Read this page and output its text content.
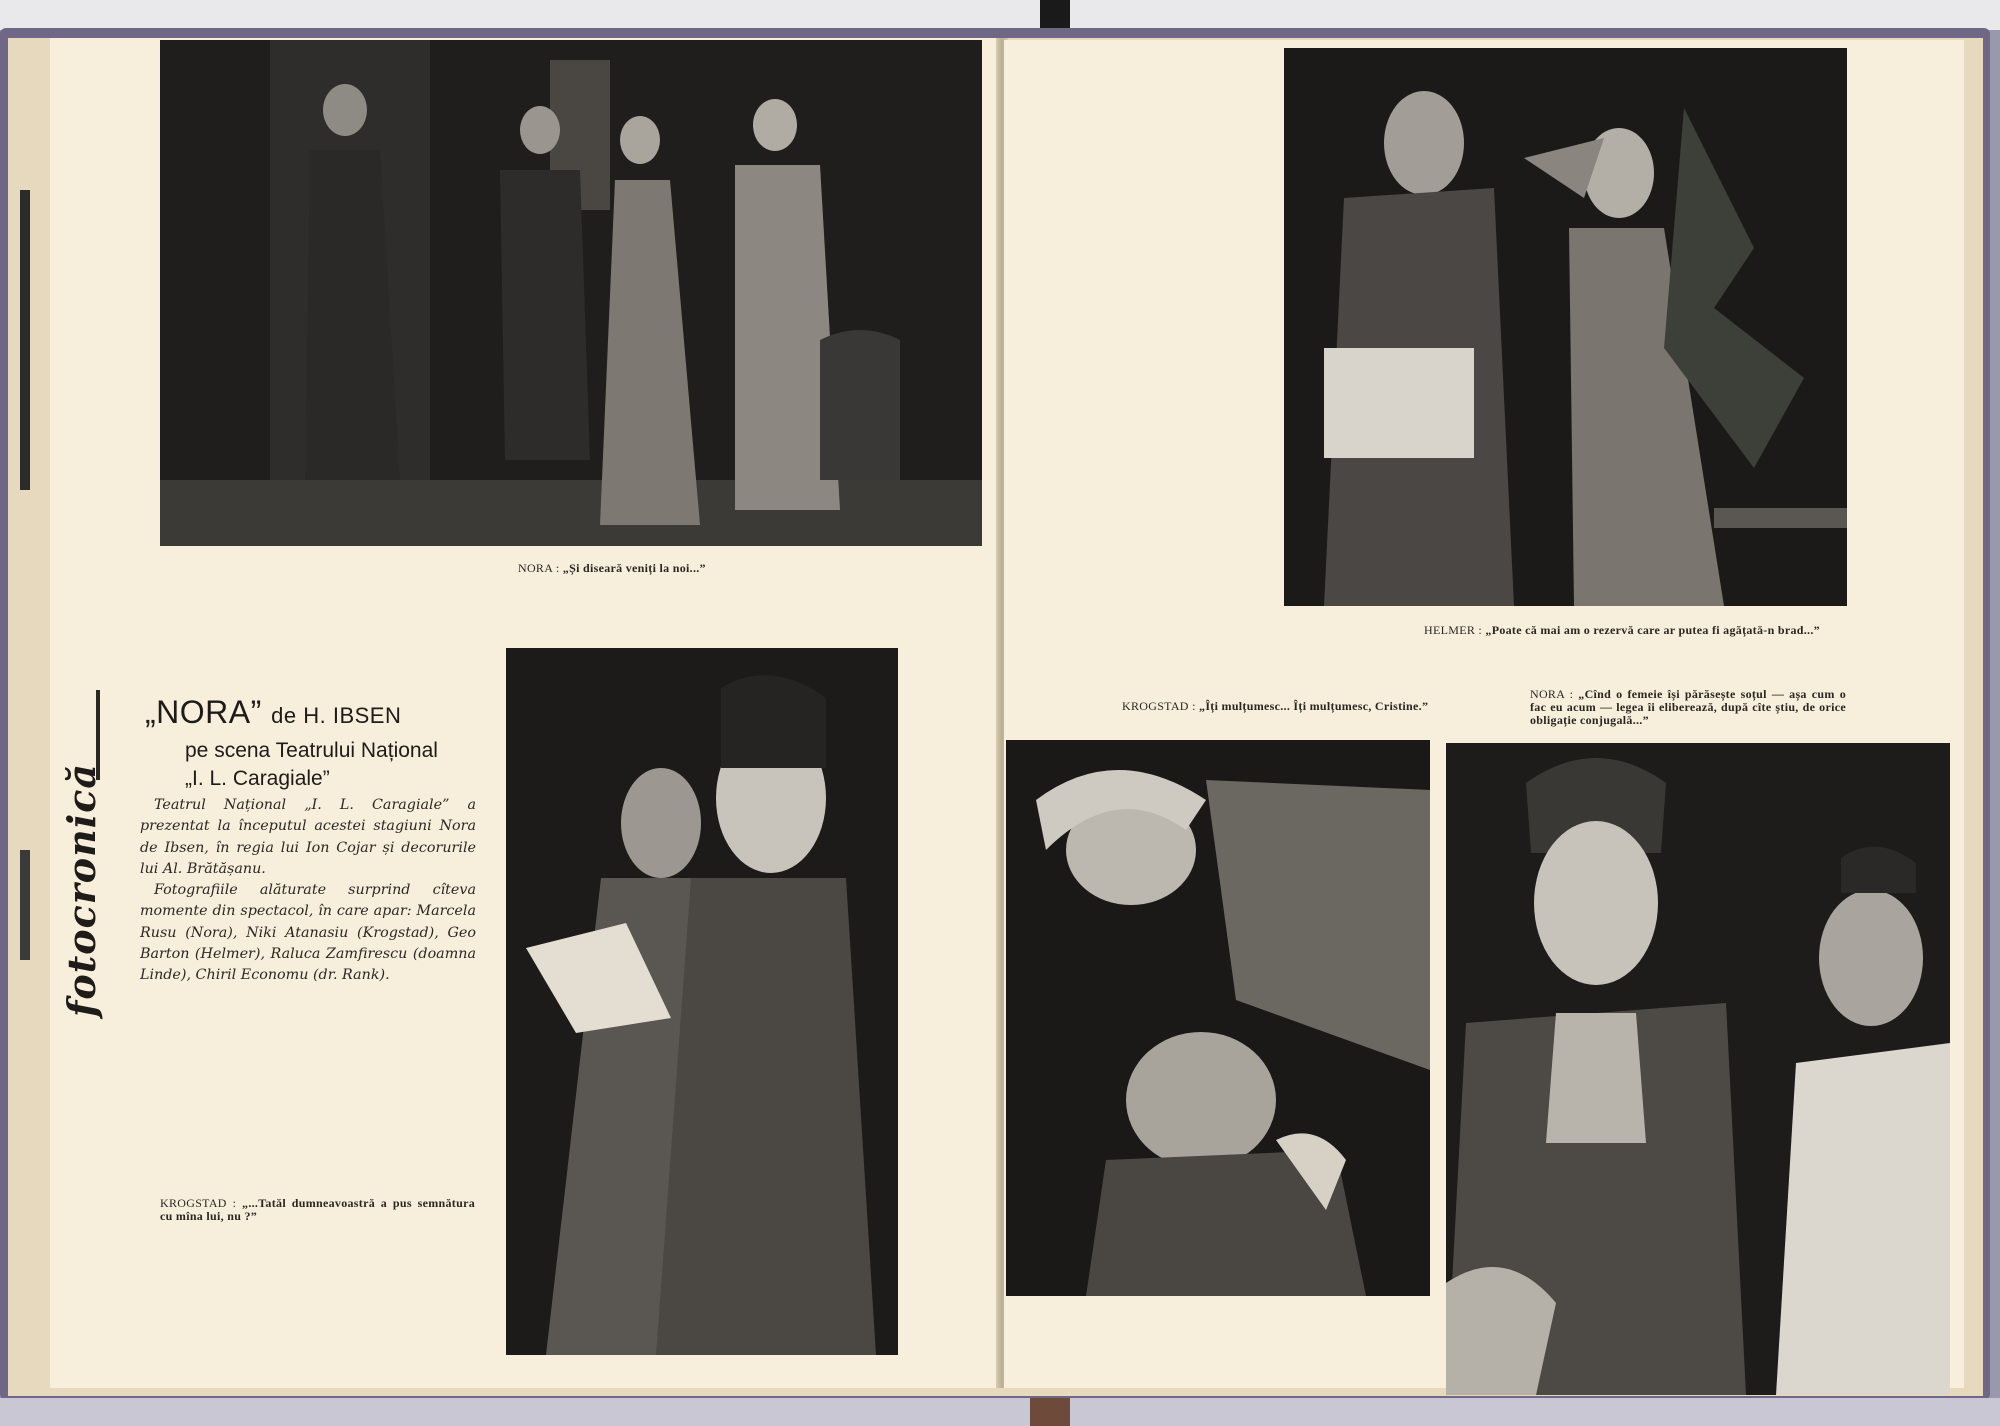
NORA : „Și diseară veniți la noi...”
fotocronică
„NORA” de H. IBSEN
pe scena Teatrului Național
„I. L. Caragiale”

Teatrul Național „I. L. Caragiale” a prezentat la începutul acestei stagiuni Nora de Ibsen, în regia lui Ion Cojar și decorurile lui Al. Brătășanu.

Fotografiile alăturate surprind cîteva momente din spectacol, în care apar: Marcela Rusu (Nora), Niki Atanasiu (Krogstad), Geo Barton (Helmer), Raluca Zamfirescu (doamna Linde), Chiril Economu (dr. Rank).

KROGSTAD : „...Tatăl dumneavoastră a pus semnătura cu mîna lui, nu ?”
HELMER : „Poate că mai am o rezervă care ar putea fi agățată-n brad...”
KROGSTAD : „Îți mulțumesc... Îți mulțumesc, Cristine.”
NORA : „Cînd o femeie își părăsește soțul — așa cum o fac eu acum — legea îi eliberează, după cîte știu, de orice obligație conjugală...”
